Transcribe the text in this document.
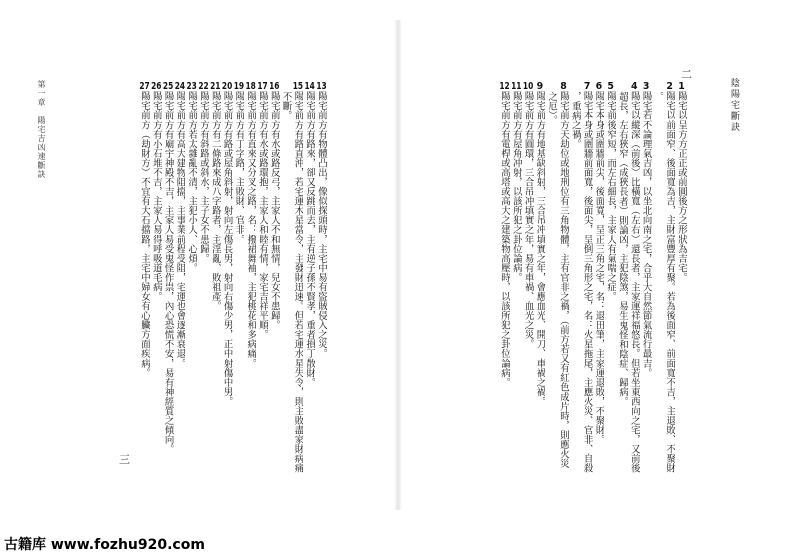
陰陽宅斷訣
二
三
第一章　陽宅吉凶速斷訣	1陽宅以呈方方正正或前圓後方之形狀為吉宅。
2陽宅以前面窄、後面寬為吉，主財富豐厚有聚。若為後面窄、前面寬不吉，主退敗、不聚財
　。
3陽宅若不論理氣吉凶，以坐北向南之宅，合乎大自然節氣流行最吉。
4陽宅以縱深（前後）比橫寬（左右）還長者，主家運祥福悠長。但若坐東西向之宅，又前後
　超長，左右狹窄（成狹長者）則論凶，主犯陰煞，易生鬼怪和陰症、歸病。
5陽宅前後窄短，而左右細長，主家人有氣喘之症。
6陽宅本身或圍牆前尖，後面寬，呈正三角之宅，名：退田筆，主家運退敗，不聚財。
7陽宅本身或圍牆前面寬，後面尖，呈倒三角形之宅，名：火星拖尾，主應火災、官非、自殺
　，重病之禍。
8陽宅前方天劫位或地刑位有三角物體，主有官非之禍，（前方若又有紅色成片時，則應火災
　之厄）。
9陽宅前方有地基缺斜射，三合吊冲填實之年，會應血光、開刀、車禍之禍。
10陽宅前方有圓環，三合吊冲填實之年，易有車禍、血光之災。
11陽宅前方有屋角冲射，以該所犯之卦位論病。
12陽宅前方有電桿或高塔或高大之建築物高壓時，以該所犯之卦位論病。
13陽宅前方有物體凸出，像似探頭時，主宅中易有盜賊侵入之災。
14陽宅前方有路來，卻又反跳而去，主有逆子孫不賢孝，重者損丁散財。
15陽宅前方有路直沖，若宅運木星當令，主發財迅速。但若宅運水星失令，則主敗盡家財病痛
　不斷。
16陽宅前方有水或路反弓，主家人不和無情，兒女不患歸。
17陽宅前方有水或路環抱，主家人和睦有情，家宅吉祥平順。
18陽宅前方有直來又分叉之路，名：撥裙舞袖，主犯桃花和多病痛。
19陽宅前方有丁字路，主敗財、官非。
20陽宅前方有路或屋角斜射，射向左傷長男，射向右傷少男，正中射傷中男。
21陽宅前方有二條路來成八字路者，主淫亂、敗祖產。
22陽宅前方有斜路或斜水，主子女不患歸。
23陽宅前方若太雜亂不清，主犯小人、心煩。
24陽宅前方有高大建物阻擋，主事業前程受阻，宅運也會逐漸衰退。
25陽宅前方有廟宇神殿不吉，主家人易受鬼怪作祟，內心恐慌不安，易有神經質之傾向。
26陽宅前方有小石堆不吉，主家人易得呼吸道毛病。
27陽宅前方（劫財方）不宜有大石擋路，主宅中婦女有心臟方面疾病。
古籍库 www.fozhu920.com
